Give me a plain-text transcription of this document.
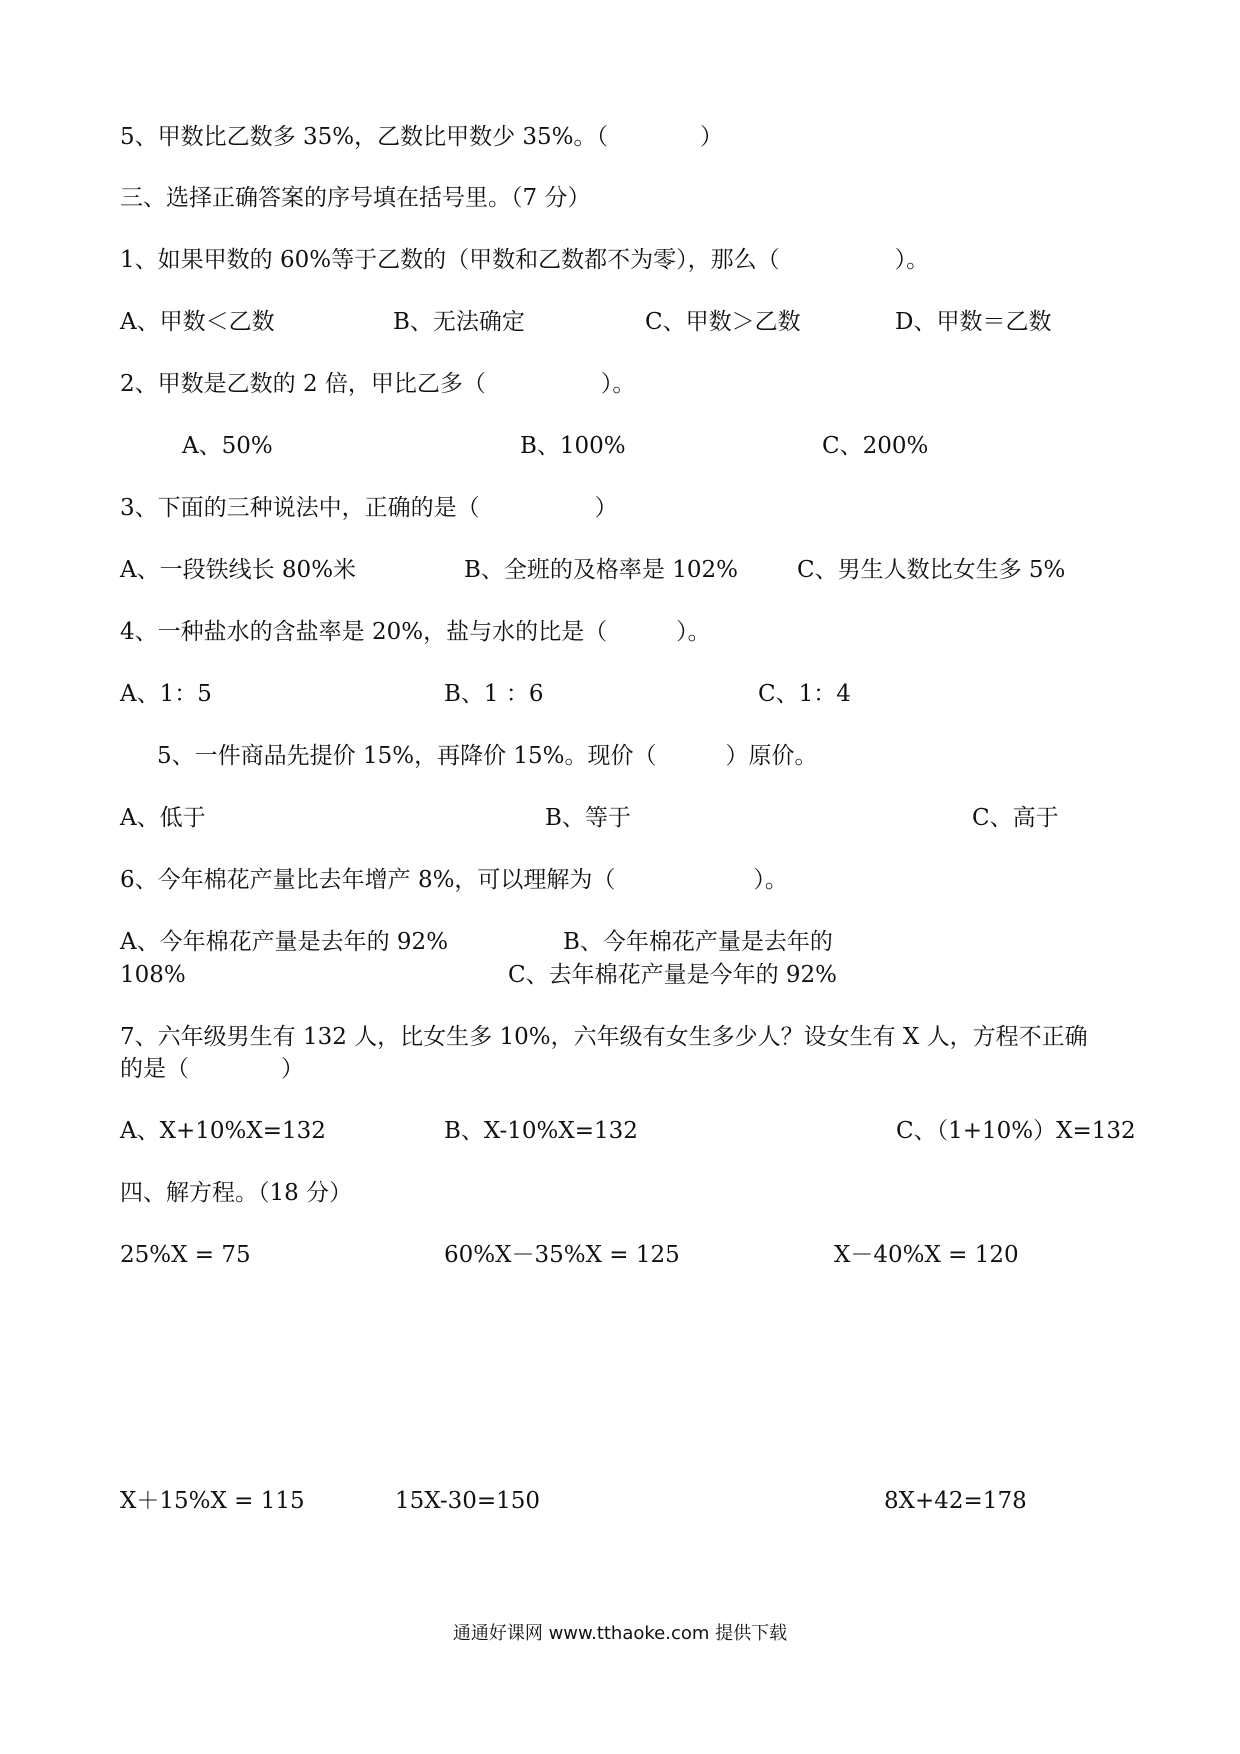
5、甲数比乙数多 35%，乙数比甲数少 35%。（　　　　）
三、选择正确答案的序号填在括号里。（7 分）
1、如果甲数的 60%等于乙数的（甲数和乙数都不为零），那么（　　　　　）。
A、甲数＜乙数	B、无法确定	C、甲数＞乙数	D、甲数＝乙数
2、甲数是乙数的 2 倍，甲比乙多（　　　　　）。
A、50%	B、100%	C、200%
3、下面的三种说法中，正确的是（　　　　　）
A、一段铁线长 80%米	B、全班的及格率是 102%	C、男生人数比女生多 5%
4、一种盐水的含盐率是 20%，盐与水的比是（　　　）。
A、1：5	B、1 ：6	C、1：4
5、一件商品先提价 15%，再降价 15%。现价（　　　）原价。
A、低于	B、等于	C、高于
6、今年棉花产量比去年增产 8%，可以理解为（　　　　　　）。
A、今年棉花产量是去年的 92%	B、今年棉花产量是去年的
108%	C、去年棉花产量是今年的 92%
7、六年级男生有 132 人，比女生多 10%，六年级有女生多少人？设女生有 X 人，方程不正确
的是（　　　　）
A、X+10%X=132	B、X-10%X=132	C、（1+10%）X=132
四、解方程。（18 分）
25%X = 75	60%X－35%X = 125	X－40%X = 120
X＋15%X = 115	15X-30=150	8X+42=178
通通好课网 www.tthaoke.com 提供下载
